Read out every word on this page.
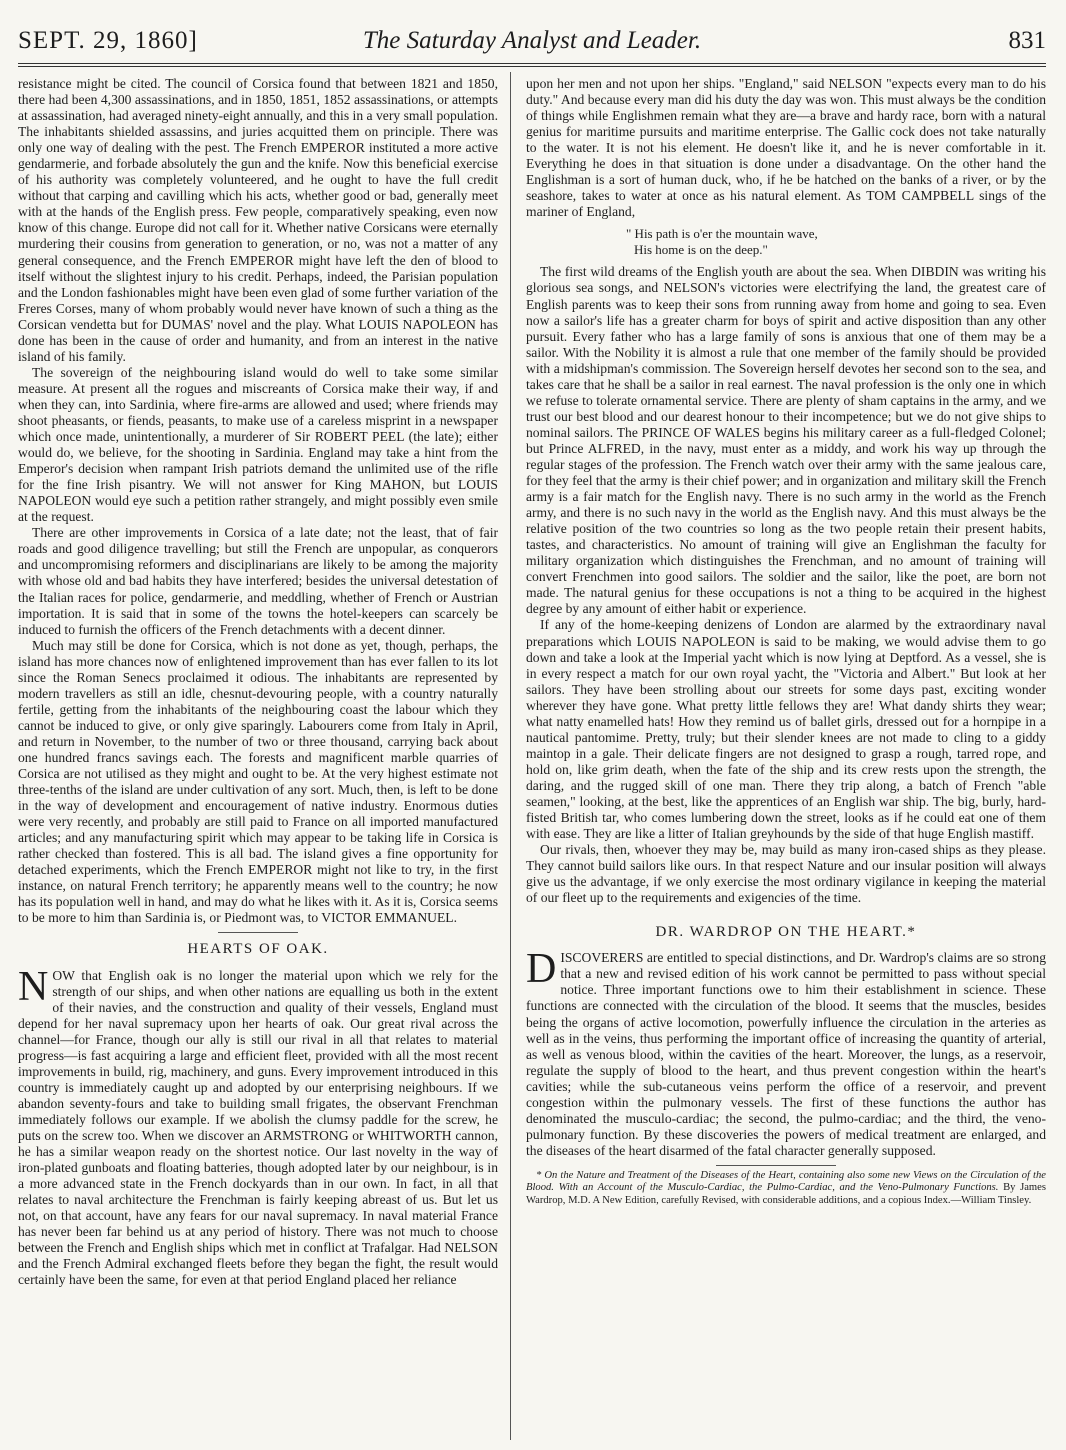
SEPT. 29, 1860]	The Saturday Analyst and Leader.	831

resistance might be cited. The council of Corsica found that between 1821 and 1850, there had been 4,300 assassinations, and in 1850, 1851, 1852 assassinations, or attempts at assassination, had averaged ninety-eight annually, and this in a very small population. The inhabitants shielded assassins, and juries acquitted them on principle. There was only one way of dealing with the pest. The French EMPEROR instituted a more active gendarmerie, and forbade absolutely the gun and the knife. Now this beneficial exercise of his authority was completely volunteered, and he ought to have the full credit without that carping and cavilling which his acts, whether good or bad, generally meet with at the hands of the English press. Few people, comparatively speaking, even now know of this change. Europe did not call for it. Whether native Corsicans were eternally murdering their cousins from generation to generation, or no, was not a matter of any general consequence, and the French EMPEROR might have left the den of blood to itself without the slightest injury to his credit. Perhaps, indeed, the Parisian population and the London fashionables might have been even glad of some further variation of the Freres Corses, many of whom probably would never have known of such a thing as the Corsican vendetta but for DUMAS' novel and the play. What LOUIS NAPOLEON has done has been in the cause of order and humanity, and from an interest in the native island of his family.

The sovereign of the neighbouring island would do well to take some similar measure. At present all the rogues and miscreants of Corsica make their way, if and when they can, into Sardinia, where fire-arms are allowed and used; where friends may shoot pheasants, or fiends, peasants, to make use of a careless misprint in a newspaper which once made, unintentionally, a murderer of Sir ROBERT PEEL (the late); either would do, we believe, for the shooting in Sardinia. England may take a hint from the Emperor's decision when rampant Irish patriots demand the unlimited use of the rifle for the fine Irish pisantry. We will not answer for King MAHON, but LOUIS NAPOLEON would eye such a petition rather strangely, and might possibly even smile at the request.

There are other improvements in Corsica of a late date; not the least, that of fair roads and good diligence travelling; but still the French are unpopular, as conquerors and uncompromising reformers and disciplinarians are likely to be among the majority with whose old and bad habits they have interfered; besides the universal detestation of the Italian races for police, gendarmerie, and meddling, whether of French or Austrian importation. It is said that in some of the towns the hotel-keepers can scarcely be induced to furnish the officers of the French detachments with a decent dinner.

Much may still be done for Corsica, which is not done as yet, though, perhaps, the island has more chances now of enlightened improvement than has ever fallen to its lot since the Roman Senecs proclaimed it odious. The inhabitants are represented by modern travellers as still an idle, chesnut-devouring people, with a country naturally fertile, getting from the inhabitants of the neighbouring coast the labour which they cannot be induced to give, or only give sparingly. Labourers come from Italy in April, and return in November, to the number of two or three thousand, carrying back about one hundred francs savings each. The forests and magnificent marble quarries of Corsica are not utilised as they might and ought to be. At the very highest estimate not three-tenths of the island are under cultivation of any sort. Much, then, is left to be done in the way of development and encouragement of native industry. Enormous duties were very recently, and probably are still paid to France on all imported manufactured articles; and any manufacturing spirit which may appear to be taking life in Corsica is rather checked than fostered. This is all bad. The island gives a fine opportunity for detached experiments, which the French EMPEROR might not like to try, in the first instance, on natural French territory; he apparently means well to the country; he now has its population well in hand, and may do what he likes with it. As it is, Corsica seems to be more to him than Sardinia is, or Piedmont was, to VICTOR EMMANUEL.

HEARTS OF OAK.

NOW that English oak is no longer the material upon which we rely for the strength of our ships, and when other nations are equalling us both in the extent of their navies, and the construction and quality of their vessels, England must depend for her naval supremacy upon her hearts of oak. Our great rival across the channel—for France, though our ally is still our rival in all that relates to material progress—is fast acquiring a large and efficient fleet, provided with all the most recent improvements in build, rig, machinery, and guns. Every improvement introduced in this country is immediately caught up and adopted by our enterprising neighbours. If we abandon seventy-fours and take to building small frigates, the observant Frenchman immediately follows our example. If we abolish the clumsy paddle for the screw, he puts on the screw too. When we discover an ARMSTRONG or WHITWORTH cannon, he has a similar weapon ready on the shortest notice. Our last novelty in the way of iron-plated gunboats and floating batteries, though adopted later by our neighbour, is in a more advanced state in the French dockyards than in our own. In fact, in all that relates to naval architecture the Frenchman is fairly keeping abreast of us. But let us not, on that account, have any fears for our naval supremacy. In naval material France has never been far behind us at any period of history. There was not much to choose between the French and English ships which met in conflict at Trafalgar. Had NELSON and the French Admiral exchanged fleets before they began the fight, the result would certainly have been the same, for even at that period England placed her reliance

upon her men and not upon her ships. "England," said NELSON "expects every man to do his duty." And because every man did his duty the day was won. This must always be the condition of things while Englishmen remain what they are—a brave and hardy race, born with a natural genius for maritime pursuits and maritime enterprise. The Gallic cock does not take naturally to the water. It is not his element. He doesn't like it, and he is never comfortable in it. Everything he does in that situation is done under a disadvantage. On the other hand the Englishman is a sort of human duck, who, if he be hatched on the banks of a river, or by the seashore, takes to water at once as his natural element. As TOM CAMPBELL sings of the mariner of England,

" His path is o'er the mountain wave,
His home is on the deep."

The first wild dreams of the English youth are about the sea. When DIBDIN was writing his glorious sea songs, and NELSON's victories were electrifying the land, the greatest care of English parents was to keep their sons from running away from home and going to sea. Even now a sailor's life has a greater charm for boys of spirit and active disposition than any other pursuit. Every father who has a large family of sons is anxious that one of them may be a sailor. With the Nobility it is almost a rule that one member of the family should be provided with a midshipman's commission. The Sovereign herself devotes her second son to the sea, and takes care that he shall be a sailor in real earnest. The naval profession is the only one in which we refuse to tolerate ornamental service. There are plenty of sham captains in the army, and we trust our best blood and our dearest honour to their incompetence; but we do not give ships to nominal sailors. The PRINCE OF WALES begins his military career as a full-fledged Colonel; but Prince ALFRED, in the navy, must enter as a middy, and work his way up through the regular stages of the profession. The French watch over their army with the same jealous care, for they feel that the army is their chief power; and in organization and military skill the French army is a fair match for the English navy. There is no such army in the world as the French army, and there is no such navy in the world as the English navy. And this must always be the relative position of the two countries so long as the two people retain their present habits, tastes, and characteristics. No amount of training will give an Englishman the faculty for military organization which distinguishes the Frenchman, and no amount of training will convert Frenchmen into good sailors. The soldier and the sailor, like the poet, are born not made. The natural genius for these occupations is not a thing to be acquired in the highest degree by any amount of either habit or experience.

If any of the home-keeping denizens of London are alarmed by the extraordinary naval preparations which LOUIS NAPOLEON is said to be making, we would advise them to go down and take a look at the Imperial yacht which is now lying at Deptford. As a vessel, she is in every respect a match for our own royal yacht, the "Victoria and Albert." But look at her sailors. They have been strolling about our streets for some days past, exciting wonder wherever they have gone. What pretty little fellows they are! What dandy shirts they wear; what natty enamelled hats! How they remind us of ballet girls, dressed out for a hornpipe in a nautical pantomime. Pretty, truly; but their slender knees are not made to cling to a giddy maintop in a gale. Their delicate fingers are not designed to grasp a rough, tarred rope, and hold on, like grim death, when the fate of the ship and its crew rests upon the strength, the daring, and the rugged skill of one man. There they trip along, a batch of French "able seamen," looking, at the best, like the apprentices of an English war ship. The big, burly, hard-fisted British tar, who comes lumbering down the street, looks as if he could eat one of them with ease. They are like a litter of Italian greyhounds by the side of that huge English mastiff.

Our rivals, then, whoever they may be, may build as many iron-cased ships as they please. They cannot build sailors like ours. In that respect Nature and our insular position will always give us the advantage, if we only exercise the most ordinary vigilance in keeping the material of our fleet up to the requirements and exigencies of the time.

DR. WARDROP ON THE HEART.*

DISCOVERERS are entitled to special distinctions, and Dr. Wardrop's claims are so strong that a new and revised edition of his work cannot be permitted to pass without special notice. Three important functions owe to him their establishment in science. These functions are connected with the circulation of the blood. It seems that the muscles, besides being the organs of active locomotion, powerfully influence the circulation in the arteries as well as in the veins, thus performing the important office of increasing the quantity of arterial, as well as venous blood, within the cavities of the heart. Moreover, the lungs, as a reservoir, regulate the supply of blood to the heart, and thus prevent congestion within the heart's cavities; while the sub-cutaneous veins perform the office of a reservoir, and prevent congestion within the pulmonary vessels. The first of these functions the author has denominated the musculo-cardiac; the second, the pulmo-cardiac; and the third, the veno-pulmonary function. By these discoveries the powers of medical treatment are enlarged, and the diseases of the heart disarmed of the fatal character generally supposed.

* On the Nature and Treatment of the Diseases of the Heart, containing also some new Views on the Circulation of the Blood. With an Account of the Musculo-Cardiac, the Pulmo-Cardiac, and the Veno-Pulmonary Functions. By James Wardrop, M.D. A New Edition, carefully Revised, with considerable additions, and a copious Index.—William Tinsley.
